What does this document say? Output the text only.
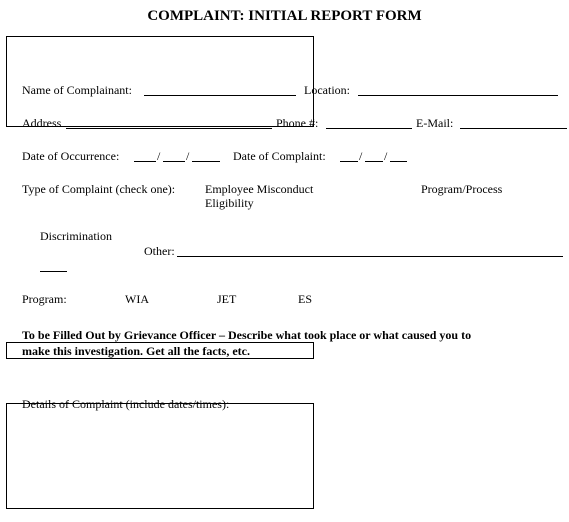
COMPLAINT: INITIAL REPORT FORM
Name of Complainant:	Location:
Address	Phone #:	E-Mail:
Date of Occurrence:	/ /	Date of Complaint:	/ /
Type of Complaint (check one): Employee Misconduct	Program/Process
Eligibility
Discrimination
Other:
Program:	WIA	JET	ES
To be Filled Out by Grievance Officer – Describe what took place or what caused you to
make this investigation. Get all the facts, etc.
Details of Complaint (include dates/times):
